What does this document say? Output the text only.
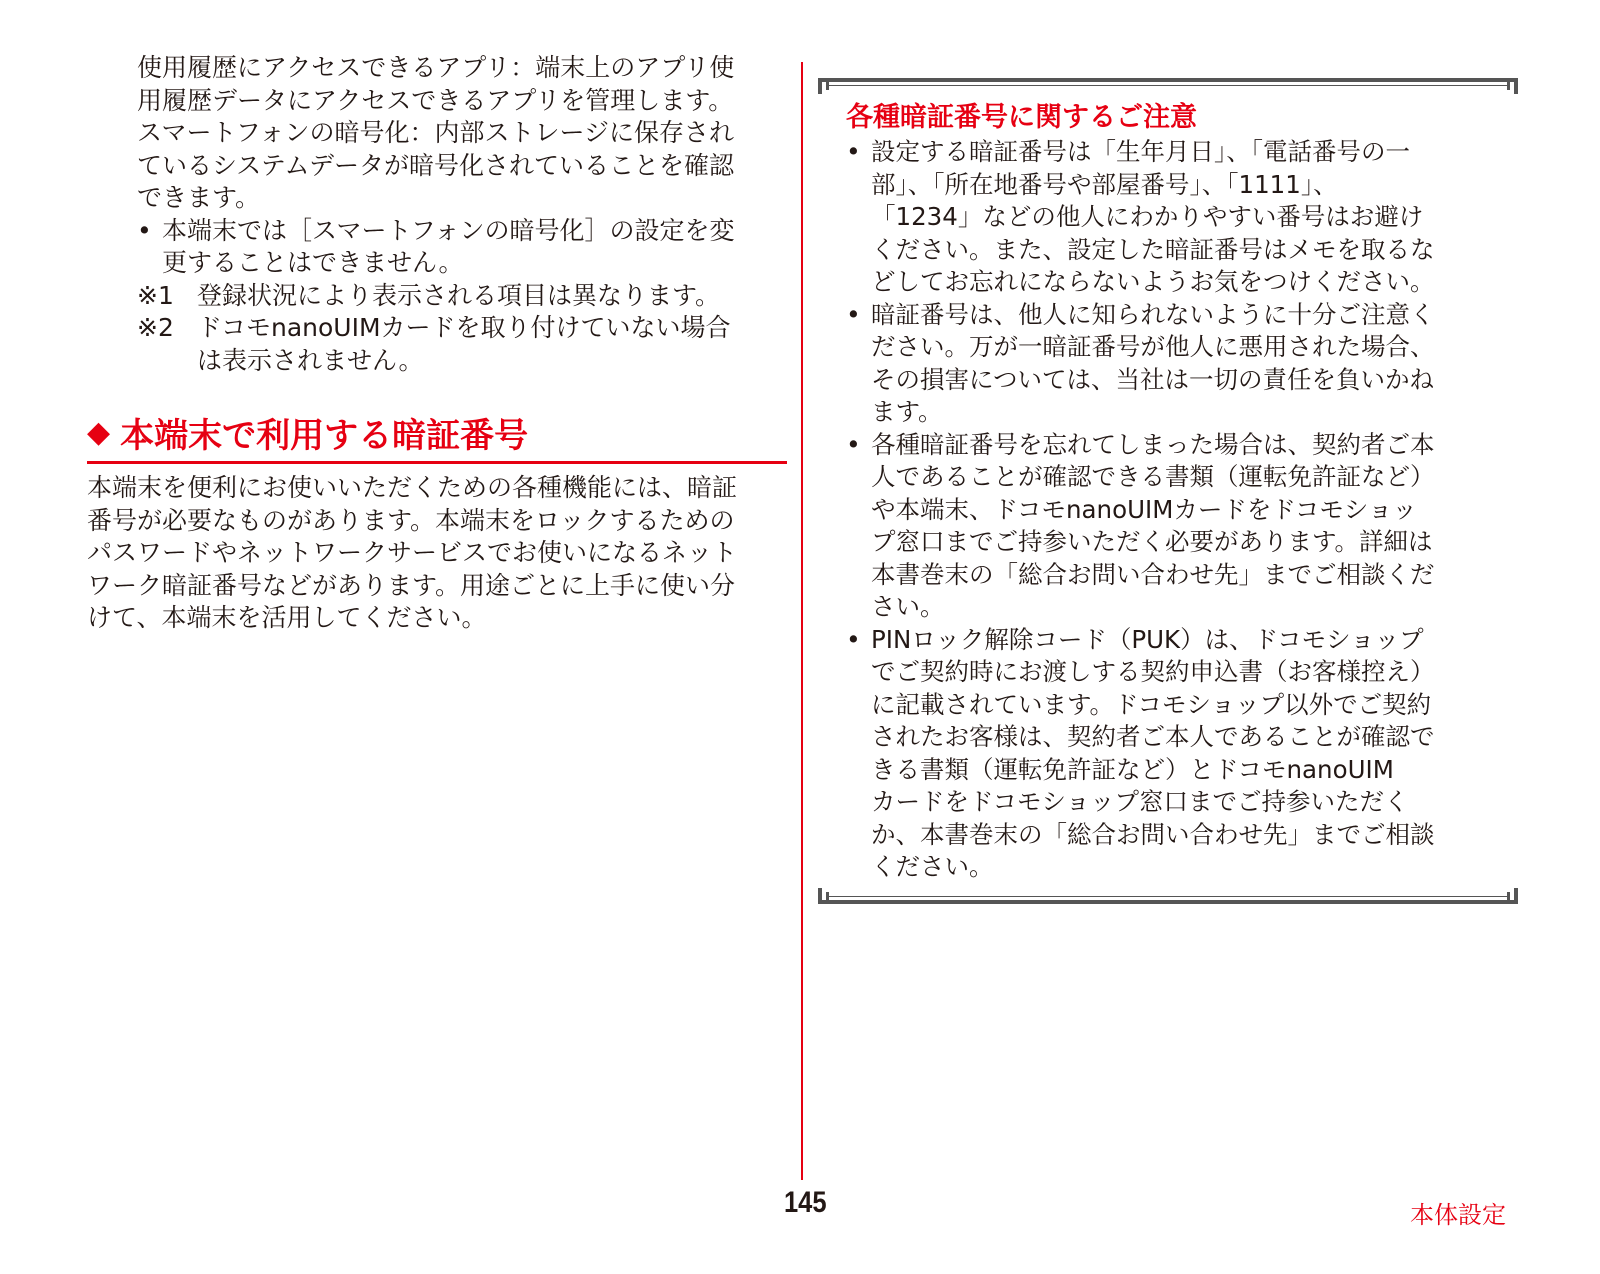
使用履歴にアクセスできるアプリ：端末上のアプリ使
用履歴データにアクセスできるアプリを管理します。
スマートフォンの暗号化：内部ストレージに保存され
ているシステムデータが暗号化されていることを確認
できます。
• 本端末では［スマートフォンの暗号化］の設定を変
更することはできません。
※1 登録状況により表示される項目は異なります。
※2 ドコモnanoUIMカードを取り付けていない場合
は表示されません。
◆ 本端末で利用する暗証番号
本端末を便利にお使いいただくための各種機能には、暗証
番号が必要なものがあります。本端末をロックするための
パスワードやネットワークサービスでお使いになるネット
ワーク暗証番号などがあります。用途ごとに上手に使い分
けて、本端末を活用してください。
各種暗証番号に関するご注意
• 設定する暗証番号は「生年月日」、「電話番号の一
部」、「所在地番号や部屋番号」、「1111」、
「1234」などの他人にわかりやすい番号はお避け
ください。また、設定した暗証番号はメモを取るな
どしてお忘れにならないようお気をつけください。
• 暗証番号は、他人に知られないように十分ご注意く
ださい。万が一暗証番号が他人に悪用された場合、
その損害については、当社は一切の責任を負いかね
ます。
• 各種暗証番号を忘れてしまった場合は、契約者ご本
人であることが確認できる書類（運転免許証など）
や本端末、ドコモnanoUIMカードをドコモショッ
プ窓口までご持参いただく必要があります。詳細は
本書巻末の「総合お問い合わせ先」までご相談くだ
さい。
• PINロック解除コード（PUK）は、ドコモショップ
でご契約時にお渡しする契約申込書（お客様控え）
に記載されています。ドコモショップ以外でご契約
されたお客様は、契約者ご本人であることが確認で
きる書類（運転免許証など）とドコモnanoUIM
カードをドコモショップ窓口までご持参いただく
か、本書巻末の「総合お問い合わせ先」までご相談
ください。
145	本体設定
